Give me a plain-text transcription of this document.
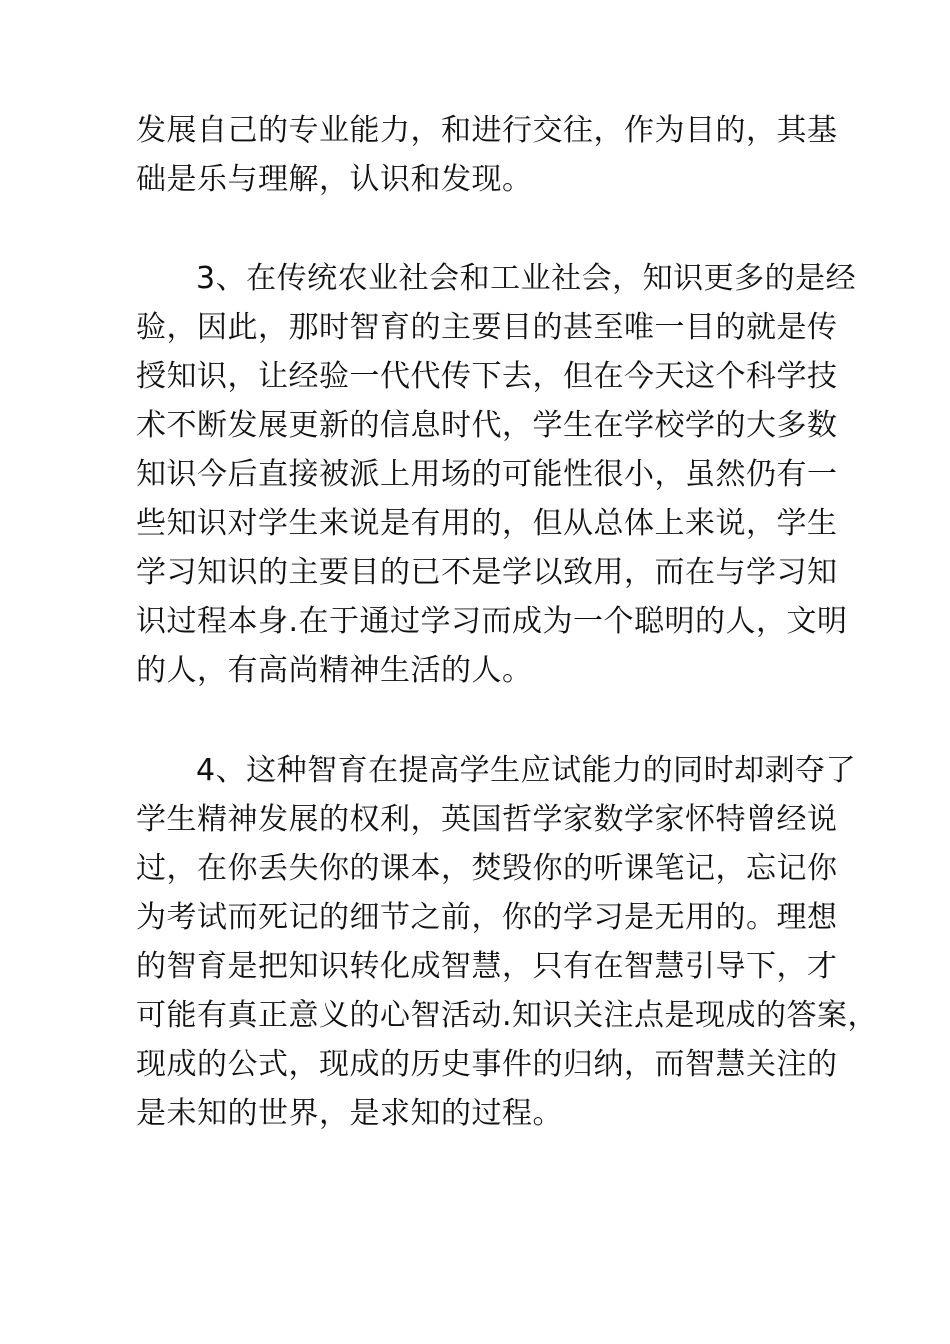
发展自己的专业能力，和进行交往，作为目的，其基
础是乐与理解，认识和发现。
3、在传统农业社会和工业社会，知识更多的是经
验，因此，那时智育的主要目的甚至唯一目的就是传
授知识，让经验一代代传下去，但在今天这个科学技
术不断发展更新的信息时代，学生在学校学的大多数
知识今后直接被派上用场的可能性很小，虽然仍有一
些知识对学生来说是有用的，但从总体上来说，学生
学习知识的主要目的已不是学以致用，而在与学习知
识过程本身.在于通过学习而成为一个聪明的人，文明
的人，有高尚精神生活的人。
4、这种智育在提高学生应试能力的同时却剥夺了
学生精神发展的权利，英国哲学家数学家怀特曾经说
过，在你丢失你的课本，焚毁你的听课笔记，忘记你
为考试而死记的细节之前，你的学习是无用的。理想
的智育是把知识转化成智慧，只有在智慧引导下，才
可能有真正意义的心智活动.知识关注点是现成的答案，
现成的公式，现成的历史事件的归纳，而智慧关注的
是未知的世界，是求知的过程。
